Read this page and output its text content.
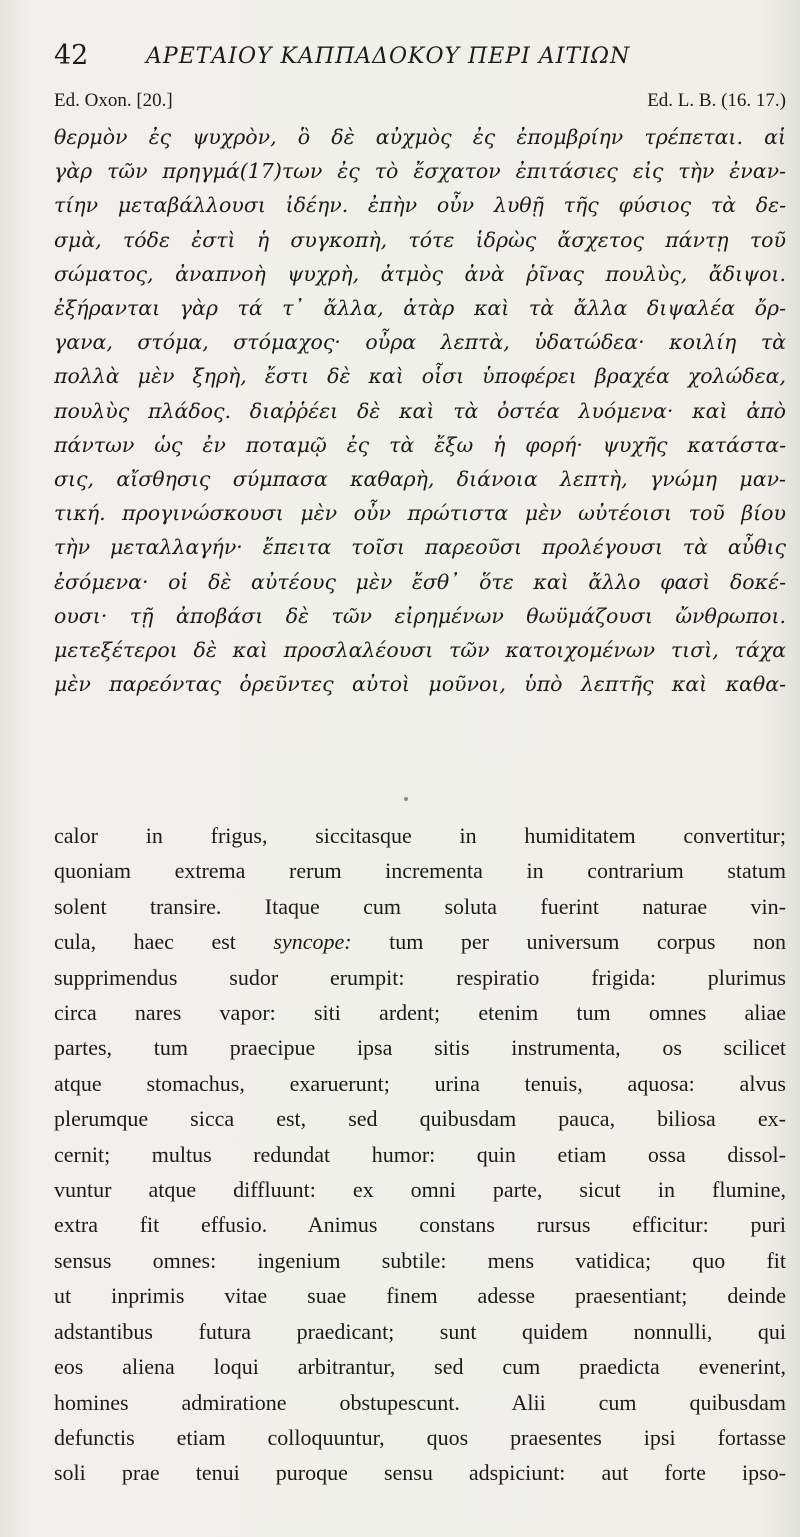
42	ΑΡΕΤΑΙΟΥ ΚΑΠΠΑΔΟΚΟΥ ΠΕΡΙ ΑΙΤΙΩΝ
Ed. Oxon. [20.]	Ed. L. B. (16. 17.)
θερμὸν ἐς ψυχρὸν, ὃ δὲ αὐχμὸς ἐς ἐπομβρίην τρέπεται. αἱ
γὰρ τῶν πρηγμά(17)των ἐς τὸ ἔσχατον ἐπιτάσιες εἰς τὴν ἐναν-
τίην μεταβάλλουσι ἰδέην. ἐπὴν οὖν λυθῇ τῆς φύσιος τὰ δε-
σμὰ, τόδε ἐστὶ ἡ συγκοπὴ, τότε ἱδρὼς ἄσχετος πάντῃ τοῦ
σώματος, ἀναπνοὴ ψυχρὴ, ἀτμὸς ἀνὰ ῥῖνας πουλὺς, ἄδιψοι.
ἐξήρανται γὰρ τά τ᾽ ἄλλα, ἀτὰρ καὶ τὰ ἄλλα διψαλέα ὄρ-
γανα, στόμα, στόμαχος· οὖρα λεπτὰ, ὑδατώδεα· κοιλίη τὰ
πολλὰ μὲν ξηρὴ, ἔστι δὲ καὶ οἷσι ὑποφέρει βραχέα χολώδεα,
πουλὺς πλάδος. διαῤῥέει δὲ καὶ τὰ ὀστέα λυόμενα· καὶ ἀπὸ
πάντων ὡς ἐν ποταμῷ ἐς τὰ ἔξω ἡ φορή· ψυχῆς κατάστα-
σις, αἴσθησις σύμπασα καθαρὴ, διάνοια λεπτὴ, γνώμη μαν-
τική. προγινώσκουσι μὲν οὖν πρώτιστα μὲν ωὐτέοισι τοῦ βίου
τὴν μεταλλαγήν· ἔπειτα τοῖσι παρεοῦσι προλέγουσι τὰ αὖθις
ἐσόμενα· οἱ δὲ αὐτέους μὲν ἔσθ᾽ ὅτε καὶ ἄλλο φασὶ δοκέ-
ουσι· τῇ ἀποβάσι δὲ τῶν εἰρημένων θωϋμάζουσι ὤνθρωποι.
μετεξέτεροι δὲ καὶ προσλαλέουσι τῶν κατοιχομένων τισὶ, τάχα
μὲν παρεόντας ὁρεῦντες αὐτοὶ μοῦνοι, ὑπὸ λεπτῆς καὶ καθα-
calor in frigus, siccitasque in humiditatem convertitur;
quoniam extrema rerum incrementa in contrarium statum
solent transire. Itaque cum soluta fuerint naturae vin-
cula, haec est syncope: tum per universum corpus non
supprimendus sudor erumpit: respiratio frigida: plurimus
circa nares vapor: siti ardent; etenim tum omnes aliae
partes, tum praecipue ipsa sitis instrumenta, os scilicet
atque stomachus, exaruerunt; urina tenuis, aquosa: alvus
plerumque sicca est, sed quibusdam pauca, biliosa ex-
cernit; multus redundat humor: quin etiam ossa dissol-
vuntur atque diffluunt: ex omni parte, sicut in flumine,
extra fit effusio. Animus constans rursus efficitur: puri
sensus omnes: ingenium subtile: mens vatidica; quo fit
ut inprimis vitae suae finem adesse praesentiant; deinde
adstantibus futura praedicant; sunt quidem nonnulli, qui
eos aliena loqui arbitrantur, sed cum praedicta evenerint,
homines admiratione obstupescunt. Alii cum quibusdam
defunctis etiam colloquuntur, quos praesentes ipsi fortasse
soli prae tenui puroque sensu adspiciunt: aut forte ipso-
